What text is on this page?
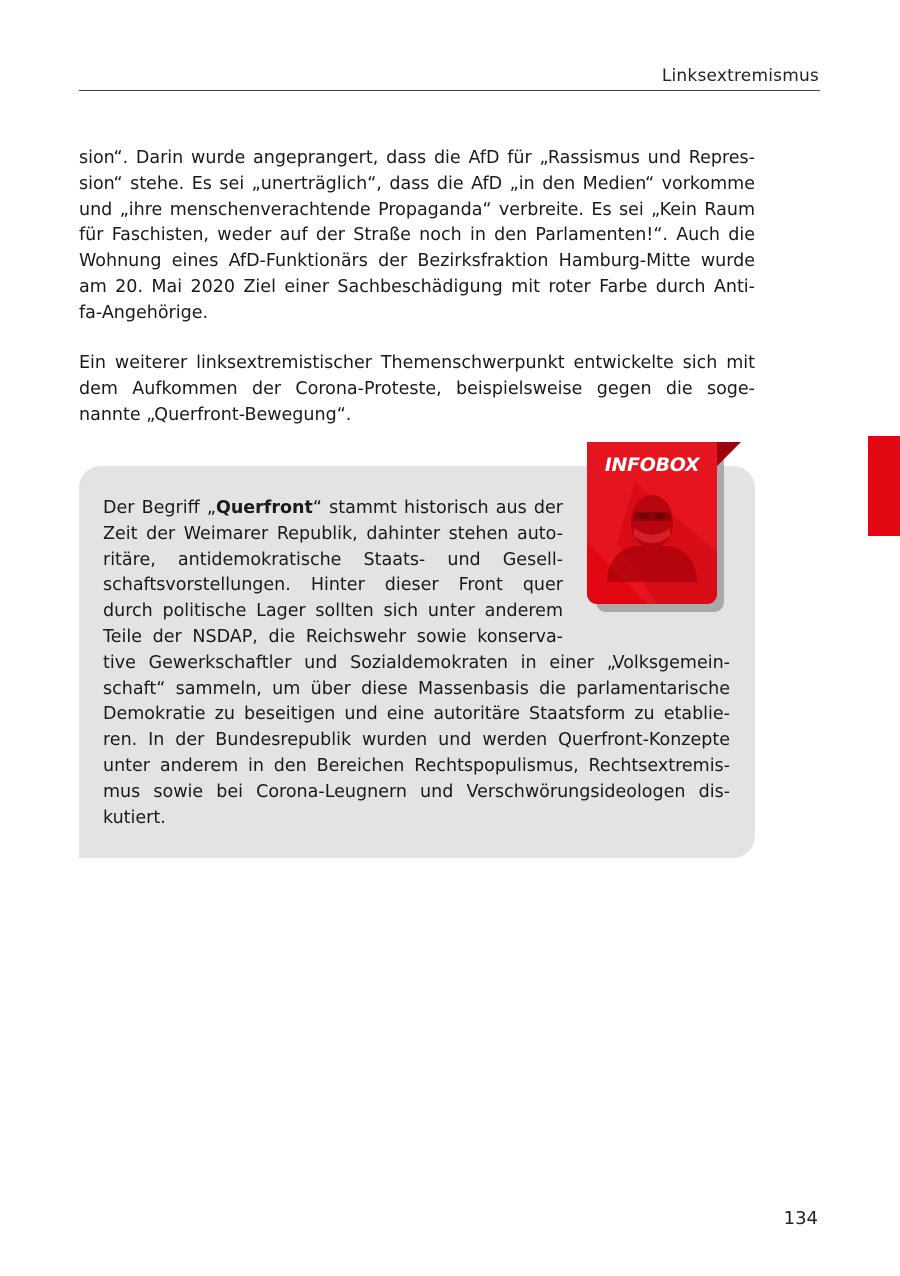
Linksextremismus
sion“. Darin wurde angeprangert, dass die AfD für „Rassismus und Repres-
sion“ stehe. Es sei „unerträglich“, dass die AfD „in den Medien“ vorkomme
und „ihre menschenverachtende Propaganda“ verbreite. Es sei „Kein Raum
für Faschisten, weder auf der Straße noch in den Parlamenten!“. Auch die
Wohnung eines AfD-Funktionärs der Bezirksfraktion Hamburg-Mitte wurde
am 20. Mai 2020 Ziel einer Sachbeschädigung mit roter Farbe durch Anti-
fa-Angehörige.
Ein weiterer linksextremistischer Themenschwerpunkt entwickelte sich mit
dem Aufkommen der Corona-Proteste, beispielsweise gegen die soge-
nannte „Querfront-Bewegung“.
Der Begriff „Querfront“ stammt historisch aus der
Zeit der Weimarer Republik, dahinter stehen auto-
ritäre, antidemokratische Staats- und Gesell-
schaftsvorstellungen. Hinter dieser Front quer
durch politische Lager sollten sich unter anderem
Teile der NSDAP, die Reichswehr sowie konserva-
tive Gewerkschaftler und Sozialdemokraten in einer „Volksgemein-
schaft“ sammeln, um über diese Massenbasis die parlamentarische
Demokratie zu beseitigen und eine autoritäre Staatsform zu etablie-
ren. In der Bundesrepublik wurden und werden Querfront-Konzepte
unter anderem in den Bereichen Rechtspopulismus, Rechtsextremis-
mus sowie bei Corona-Leugnern und Verschwörungsideologen dis-
kutiert.
INFOBOX
134
